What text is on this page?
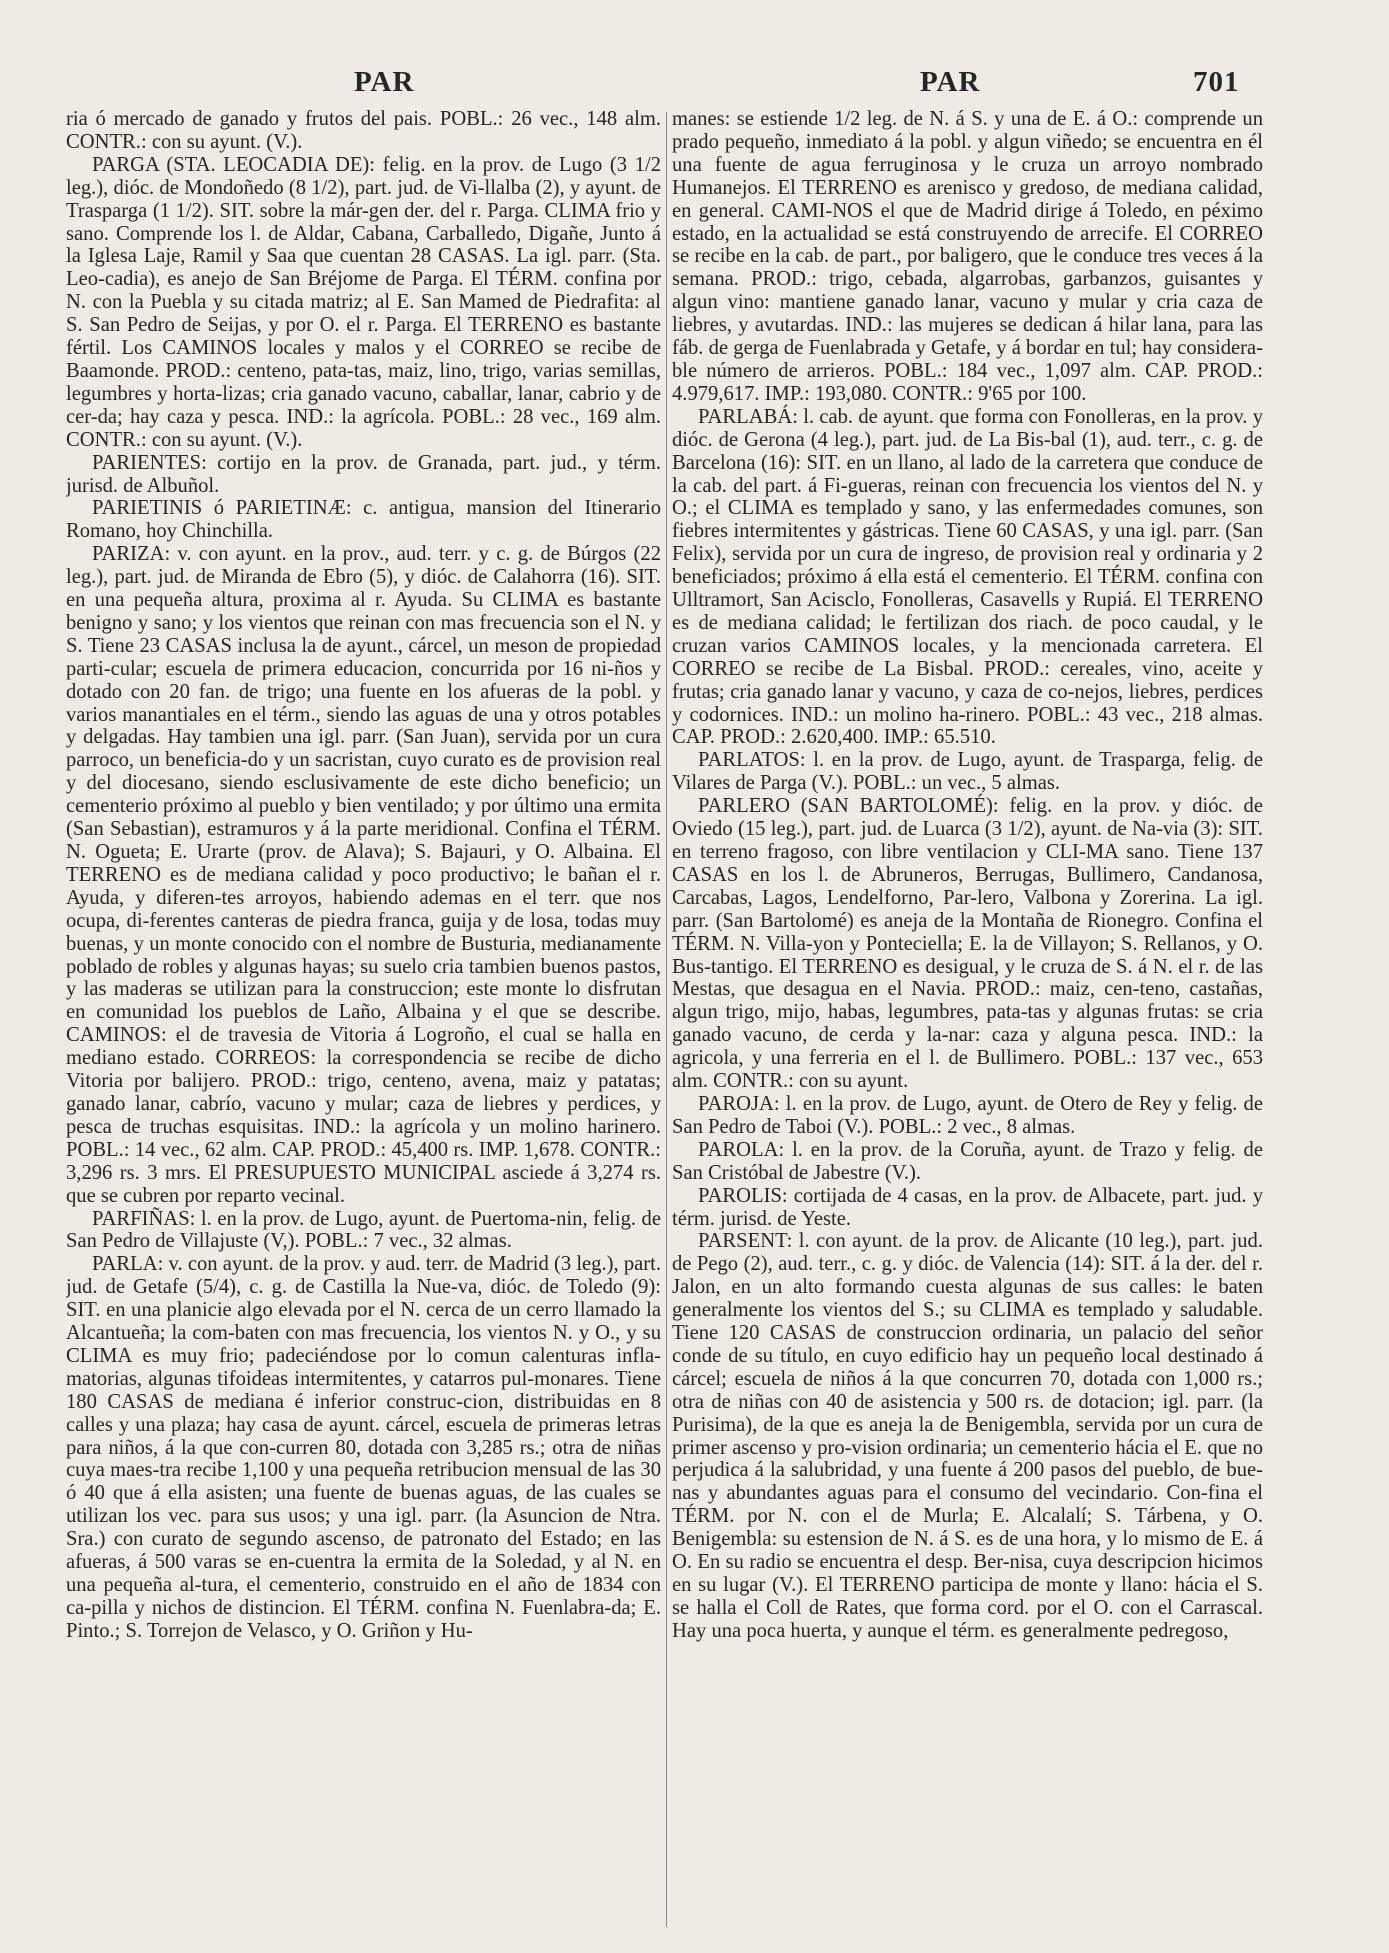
PAR	PAR	701

ria ó mercado de ganado y frutos del pais. POBL.: 26 vec., 148 alm. CONTR.: con su ayunt. (V.).

PARGA (STA. LEOCADIA DE): felig. en la prov. de Lugo (3 1/2 leg.), dióc. de Mondoñedo (8 1/2), part. jud. de Vi-llalba (2), y ayunt. de Trasparga (1 1/2). SIT. sobre la már-gen der. del r. Parga. CLIMA frio y sano. Comprende los l. de Aldar, Cabana, Carballedo, Digañe, Junto á la Iglesa Laje, Ramil y Saa que cuentan 28 CASAS. La igl. parr. (Sta. Leo-cadia), es anejo de San Bréjome de Parga. El TÉRM. confina por N. con la Puebla y su citada matriz; al E. San Mamed de Piedrafita: al S. San Pedro de Seijas, y por O. el r. Parga. El TERRENO es bastante fértil. Los CAMINOS locales y malos y el CORREO se recibe de Baamonde. PROD.: centeno, pata-tas, maiz, lino, trigo, varias semillas, legumbres y horta-lizas; cria ganado vacuno, caballar, lanar, cabrio y de cer-da; hay caza y pesca. IND.: la agrícola. POBL.: 28 vec., 169 alm. CONTR.: con su ayunt. (V.).

PARIENTES: cortijo en la prov. de Granada, part. jud., y térm. jurisd. de Albuñol.

PARIETINIS ó PARIETINÆ: c. antigua, mansion del Itinerario Romano, hoy Chinchilla.

PARIZA: v. con ayunt. en la prov., aud. terr. y c. g. de Búrgos (22 leg.), part. jud. de Miranda de Ebro (5), y dióc. de Calahorra (16). SIT. en una pequeña altura, proxima al r. Ayuda. Su CLIMA es bastante benigno y sano; y los vientos que reinan con mas frecuencia son el N. y S. Tiene 23 CASAS inclusa la de ayunt., cárcel, un meson de propiedad parti-cular; escuela de primera educacion, concurrida por 16 ni-ños y dotado con 20 fan. de trigo; una fuente en los afueras de la pobl. y varios manantiales en el térm., siendo las aguas de una y otros potables y delgadas. Hay tambien una igl. parr. (San Juan), servida por un cura parroco, un beneficia-do y un sacristan, cuyo curato es de provision real y del diocesano, siendo esclusivamente de este dicho beneficio; un cementerio próximo al pueblo y bien ventilado; y por último una ermita (San Sebastian), estramuros y á la parte meridional. Confina el TÉRM. N. Ogueta; E. Urarte (prov. de Alava); S. Bajauri, y O. Albaina. El TERRENO es de mediana calidad y poco productivo; le bañan el r. Ayuda, y diferen-tes arroyos, habiendo ademas en el terr. que nos ocupa, di-ferentes canteras de piedra franca, guija y de losa, todas muy buenas, y un monte conocido con el nombre de Busturia, medianamente poblado de robles y algunas hayas; su suelo cria tambien buenos pastos, y las maderas se utilizan para la construccion; este monte lo disfrutan en comunidad los pueblos de Laño, Albaina y el que se describe. CAMINOS: el de travesia de Vitoria á Logroño, el cual se halla en mediano estado. CORREOS: la correspondencia se recibe de dicho Vitoria por balijero. PROD.: trigo, centeno, avena, maiz y patatas; ganado lanar, cabrío, vacuno y mular; caza de liebres y perdices, y pesca de truchas esquisitas. IND.: la agrícola y un molino harinero. POBL.: 14 vec., 62 alm. CAP. PROD.: 45,400 rs. IMP. 1,678. CONTR.: 3,296 rs. 3 mrs. El PRESUPUESTO MUNICIPAL asciede á 3,274 rs. que se cubren por reparto vecinal.

PARFIÑAS: l. en la prov. de Lugo, ayunt. de Puertoma-nin, felig. de San Pedro de Villajuste (V,). POBL.: 7 vec., 32 almas.

PARLA: v. con ayunt. de la prov. y aud. terr. de Madrid (3 leg.), part. jud. de Getafe (5/4), c. g. de Castilla la Nue-va, dióc. de Toledo (9): SIT. en una planicie algo elevada por el N. cerca de un cerro llamado la Alcantueña; la com-baten con mas frecuencia, los vientos N. y O., y su CLIMA es muy frio; padeciéndose por lo comun calenturas infla-matorias, algunas tifoideas intermitentes, y catarros pul-monares. Tiene 180 CASAS de mediana é inferior construc-cion, distribuidas en 8 calles y una plaza; hay casa de ayunt. cárcel, escuela de primeras letras para niños, á la que con-curren 80, dotada con 3,285 rs.; otra de niñas cuya maes-tra recibe 1,100 y una pequeña retribucion mensual de las 30 ó 40 que á ella asisten; una fuente de buenas aguas, de las cuales se utilizan los vec. para sus usos; y una igl. parr. (la Asuncion de Ntra. Sra.) con curato de segundo ascenso, de patronato del Estado; en las afueras, á 500 varas se en-cuentra la ermita de la Soledad, y al N. en una pequeña al-tura, el cementerio, construido en el año de 1834 con ca-pilla y nichos de distincion. El TÉRM. confina N. Fuenlabra-da; E. Pinto.; S. Torrejon de Velasco, y O. Griñon y Hu-

manes: se estiende 1/2 leg. de N. á S. y una de E. á O.: comprende un prado pequeño, inmediato á la pobl. y algun viñedo; se encuentra en él una fuente de agua ferruginosa y le cruza un arroyo nombrado Humanejos. El TERRENO es arenisco y gredoso, de mediana calidad, en general. CAMI-NOS el que de Madrid dirige á Toledo, en péximo estado, en la actualidad se está construyendo de arrecife. El CORREO se recibe en la cab. de part., por baligero, que le conduce tres veces á la semana. PROD.: trigo, cebada, algarrobas, garbanzos, guisantes y algun vino: mantiene ganado lanar, vacuno y mular y cria caza de liebres, y avutardas. IND.: las mujeres se dedican á hilar lana, para las fáb. de gerga de Fuenlabrada y Getafe, y á bordar en tul; hay considera-ble número de arrieros. POBL.: 184 vec., 1,097 alm. CAP. PROD.: 4.979,617. IMP.: 193,080. CONTR.: 9'65 por 100.

PARLABÁ: l. cab. de ayunt. que forma con Fonolleras, en la prov. y dióc. de Gerona (4 leg.), part. jud. de La Bis-bal (1), aud. terr., c. g. de Barcelona (16): SIT. en un llano, al lado de la carretera que conduce de la cab. del part. á Fi-gueras, reinan con frecuencia los vientos del N. y O.; el CLIMA es templado y sano, y las enfermedades comunes, son fiebres intermitentes y gástricas. Tiene 60 CASAS, y una igl. parr. (San Felix), servida por un cura de ingreso, de provision real y ordinaria y 2 beneficiados; próximo á ella está el cementerio. El TÉRM. confina con Ulltramort, San Acisclo, Fonolleras, Casavells y Rupiá. El TERRENO es de mediana calidad; le fertilizan dos riach. de poco caudal, y le cruzan varios CAMINOS locales, y la mencionada carretera. El CORREO se recibe de La Bisbal. PROD.: cereales, vino, aceite y frutas; cria ganado lanar y vacuno, y caza de co-nejos, liebres, perdices y codornices. IND.: un molino ha-rinero. POBL.: 43 vec., 218 almas. CAP. PROD.: 2.620,400. IMP.: 65.510.

PARLATOS: l. en la prov. de Lugo, ayunt. de Trasparga, felig. de Vilares de Parga (V.). POBL.: un vec., 5 almas.

PARLERO (SAN BARTOLOMÉ): felig. en la prov. y dióc. de Oviedo (15 leg.), part. jud. de Luarca (3 1/2), ayunt. de Na-via (3): SIT. en terreno fragoso, con libre ventilacion y CLI-MA sano. Tiene 137 CASAS en los l. de Abruneros, Berrugas, Bullimero, Candanosa, Carcabas, Lagos, Lendelforno, Par-lero, Valbona y Zorerina. La igl. parr. (San Bartolomé) es aneja de la Montaña de Rionegro. Confina el TÉRM. N. Villa-yon y Ponteciella; E. la de Villayon; S. Rellanos, y O. Bus-tantigo. El TERRENO es desigual, y le cruza de S. á N. el r. de las Mestas, que desagua en el Navia. PROD.: maiz, cen-teno, castañas, algun trigo, mijo, habas, legumbres, pata-tas y algunas frutas: se cria ganado vacuno, de cerda y la-nar: caza y alguna pesca. IND.: la agricola, y una ferreria en el l. de Bullimero. POBL.: 137 vec., 653 alm. CONTR.: con su ayunt.

PAROJA: l. en la prov. de Lugo, ayunt. de Otero de Rey y felig. de San Pedro de Taboi (V.). POBL.: 2 vec., 8 almas.

PAROLA: l. en la prov. de la Coruña, ayunt. de Trazo y felig. de San Cristóbal de Jabestre (V.).

PAROLIS: cortijada de 4 casas, en la prov. de Albacete, part. jud. y térm. jurisd. de Yeste.

PARSENT: l. con ayunt. de la prov. de Alicante (10 leg.), part. jud. de Pego (2), aud. terr., c. g. y dióc. de Valencia (14): SIT. á la der. del r. Jalon, en un alto formando cuesta algunas de sus calles: le baten generalmente los vientos del S.; su CLIMA es templado y saludable. Tiene 120 CASAS de construccion ordinaria, un palacio del señor conde de su título, en cuyo edificio hay un pequeño local destinado á cárcel; escuela de niños á la que concurren 70, dotada con 1,000 rs.; otra de niñas con 40 de asistencia y 500 rs. de dotacion; igl. parr. (la Purisima), de la que es aneja la de Benigembla, servida por un cura de primer ascenso y pro-vision ordinaria; un cementerio hácia el E. que no perjudica á la salubridad, y una fuente á 200 pasos del pueblo, de bue-nas y abundantes aguas para el consumo del vecindario. Con-fina el TÉRM. por N. con el de Murla; E. Alcalalí; S. Tárbena, y O. Benigembla: su estension de N. á S. es de una hora, y lo mismo de E. á O. En su radio se encuentra el desp. Ber-nisa, cuya descripcion hicimos en su lugar (V.). El TERRENO participa de monte y llano: hácia el S. se halla el Coll de Rates, que forma cord. por el O. con el Carrascal. Hay una poca huerta, y aunque el térm. es generalmente pedregoso,
